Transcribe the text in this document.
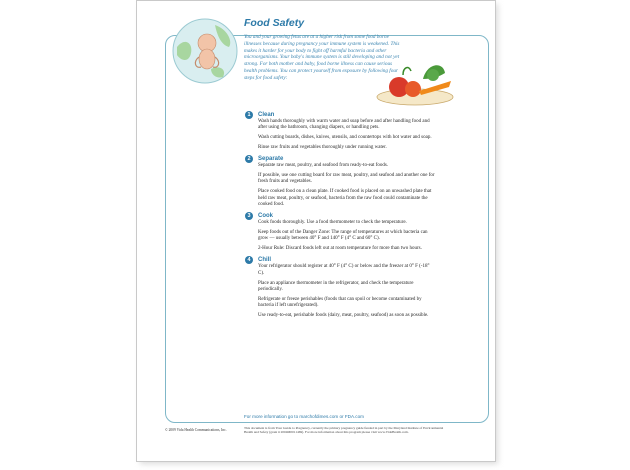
Food Safety
You and your growing fetus are at a higher risk from some food borne illnesses because during pregnancy your immune system is weakened. This makes it harder for your body to fight off harmful bacteria and other microorganisms. Your baby's immune system is still developing and not yet strong. For both mother and baby, food borne illness can cause serious health problems. You can protect yourself from exposure by following four steps for food safety:
1	Clean

Wash hands thoroughly with warm water and soap before and after handling food and after using the bathroom, changing diapers, or handling pets.

Wash cutting boards, dishes, knives, utensils, and countertops with hot water and soap.

Rinse raw fruits and vegetables thoroughly under running water.

2	Separate

Separate raw meat, poultry, and seafood from ready-to-eat foods.

If possible, use one cutting board for raw meat, poultry, and seafood and another one for fresh fruits and vegetables.

Place cooked food on a clean plate. If cooked food is placed on an unwashed plate that held raw meat, poultry, or seafood, bacteria from the raw food could contaminate the cooked food.

3	Cook

Cook foods thoroughly. Use a food thermometer to check the temperature.

Keep foods out of the Danger Zone: The range of temperatures at which bacteria can grow — usually between 40° F and 140° F (4° C and 60° C).

2-Hour Rule: Discard foods left out at room temperature for more than two hours.

4	Chill

Your refrigerator should register at 40° F (4° C) or below and the freezer at 0° F (-18° C).

Place an appliance thermometer in the refrigerator, and check the temperature periodically.

Refrigerate or freeze perishables (foods that can spoil or become contaminated by bacteria if left unrefrigerated).

Use ready-to-eat, perishable foods (dairy, meat, poultry, seafood) as soon as possible.

For more information go to marchofdimes.com or FDA.com
© 2009 Vida Health Communications, Inc.	This document is from Your Guide to Pregnancy, currently the primary pregnancy guide funded in part by the Maryland Institute of Environmental Health and Safety (grant # 2004M0011469). For more information about this program please visit www.VidaHealth.com.
